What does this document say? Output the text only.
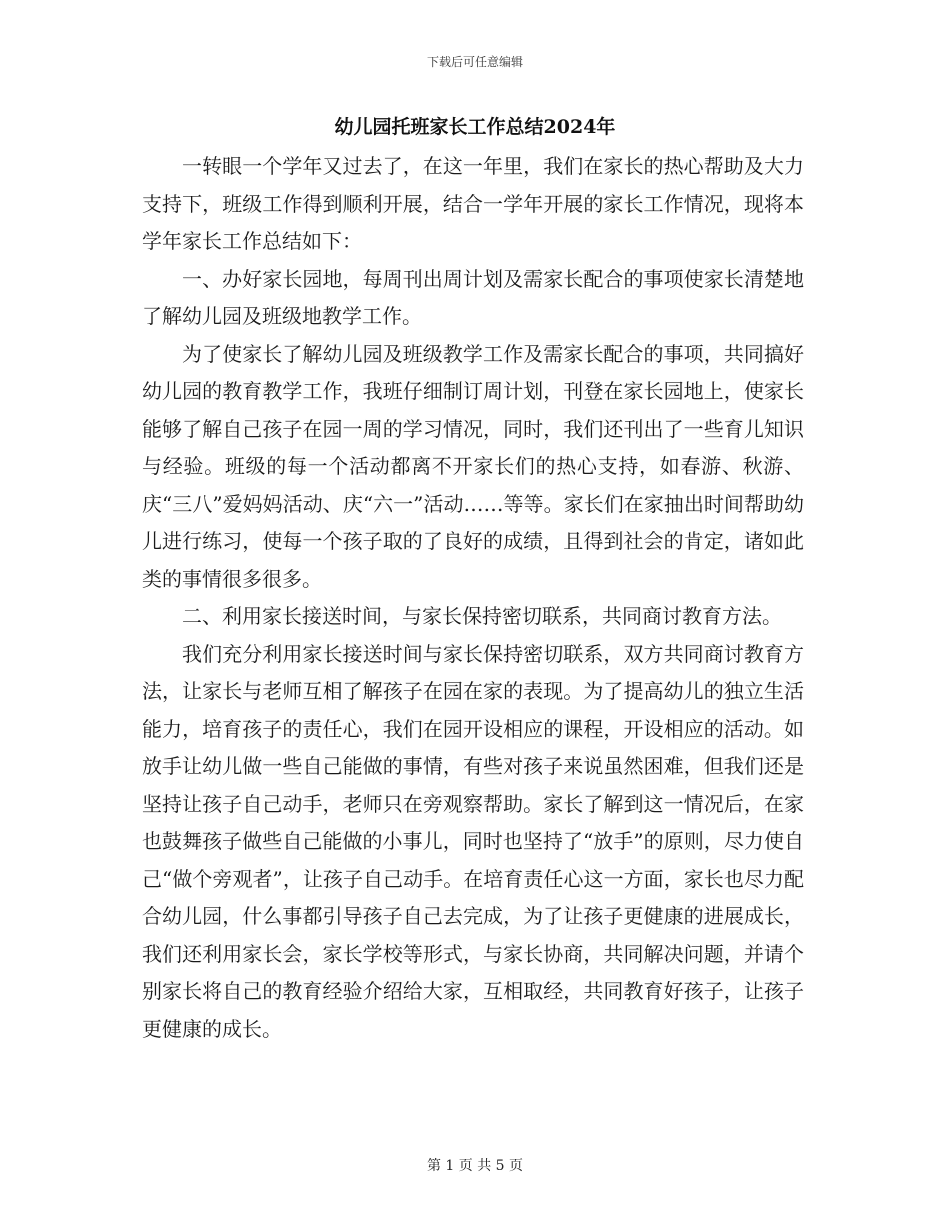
下载后可任意编辑
幼儿园托班家长工作总结2024年

一转眼一个学年又过去了，在这一年里，我们在家长的热心帮助及大力支持下，班级工作得到顺利开展，结合一学年开展的家长工作情况，现将本学年家长工作总结如下：

一、办好家长园地，每周刊出周计划及需家长配合的事项使家长清楚地了解幼儿园及班级地教学工作。

为了使家长了解幼儿园及班级教学工作及需家长配合的事项，共同搞好幼儿园的教育教学工作，我班仔细制订周计划，刊登在家长园地上，使家长能够了解自己孩子在园一周的学习情况，同时，我们还刊出了一些育儿知识与经验。班级的每一个活动都离不开家长们的热心支持，如春游、秋游、庆“三八”爱妈妈活动、庆“六一”活动……等等。家长们在家抽出时间帮助幼儿进行练习，使每一个孩子取的了良好的成绩，且得到社会的肯定，诸如此类的事情很多很多。

二、利用家长接送时间，与家长保持密切联系，共同商讨教育方法。

我们充分利用家长接送时间与家长保持密切联系，双方共同商讨教育方法，让家长与老师互相了解孩子在园在家的表现。为了提高幼儿的独立生活能力，培育孩子的责任心，我们在园开设相应的课程，开设相应的活动。如放手让幼儿做一些自己能做的事情，有些对孩子来说虽然困难，但我们还是坚持让孩子自己动手，老师只在旁观察帮助。家长了解到这一情况后，在家也鼓舞孩子做些自己能做的小事儿，同时也坚持了“放手”的原则，尽力使自己“做个旁观者”，让孩子自己动手。在培育责任心这一方面，家长也尽力配合幼儿园，什么事都引导孩子自己去完成，为了让孩子更健康的进展成长，我们还利用家长会，家长学校等形式，与家长协商，共同解决问题，并请个别家长将自己的教育经验介绍给大家，互相取经，共同教育好孩子，让孩子更健康的成长。

第 1 页 共 5 页
